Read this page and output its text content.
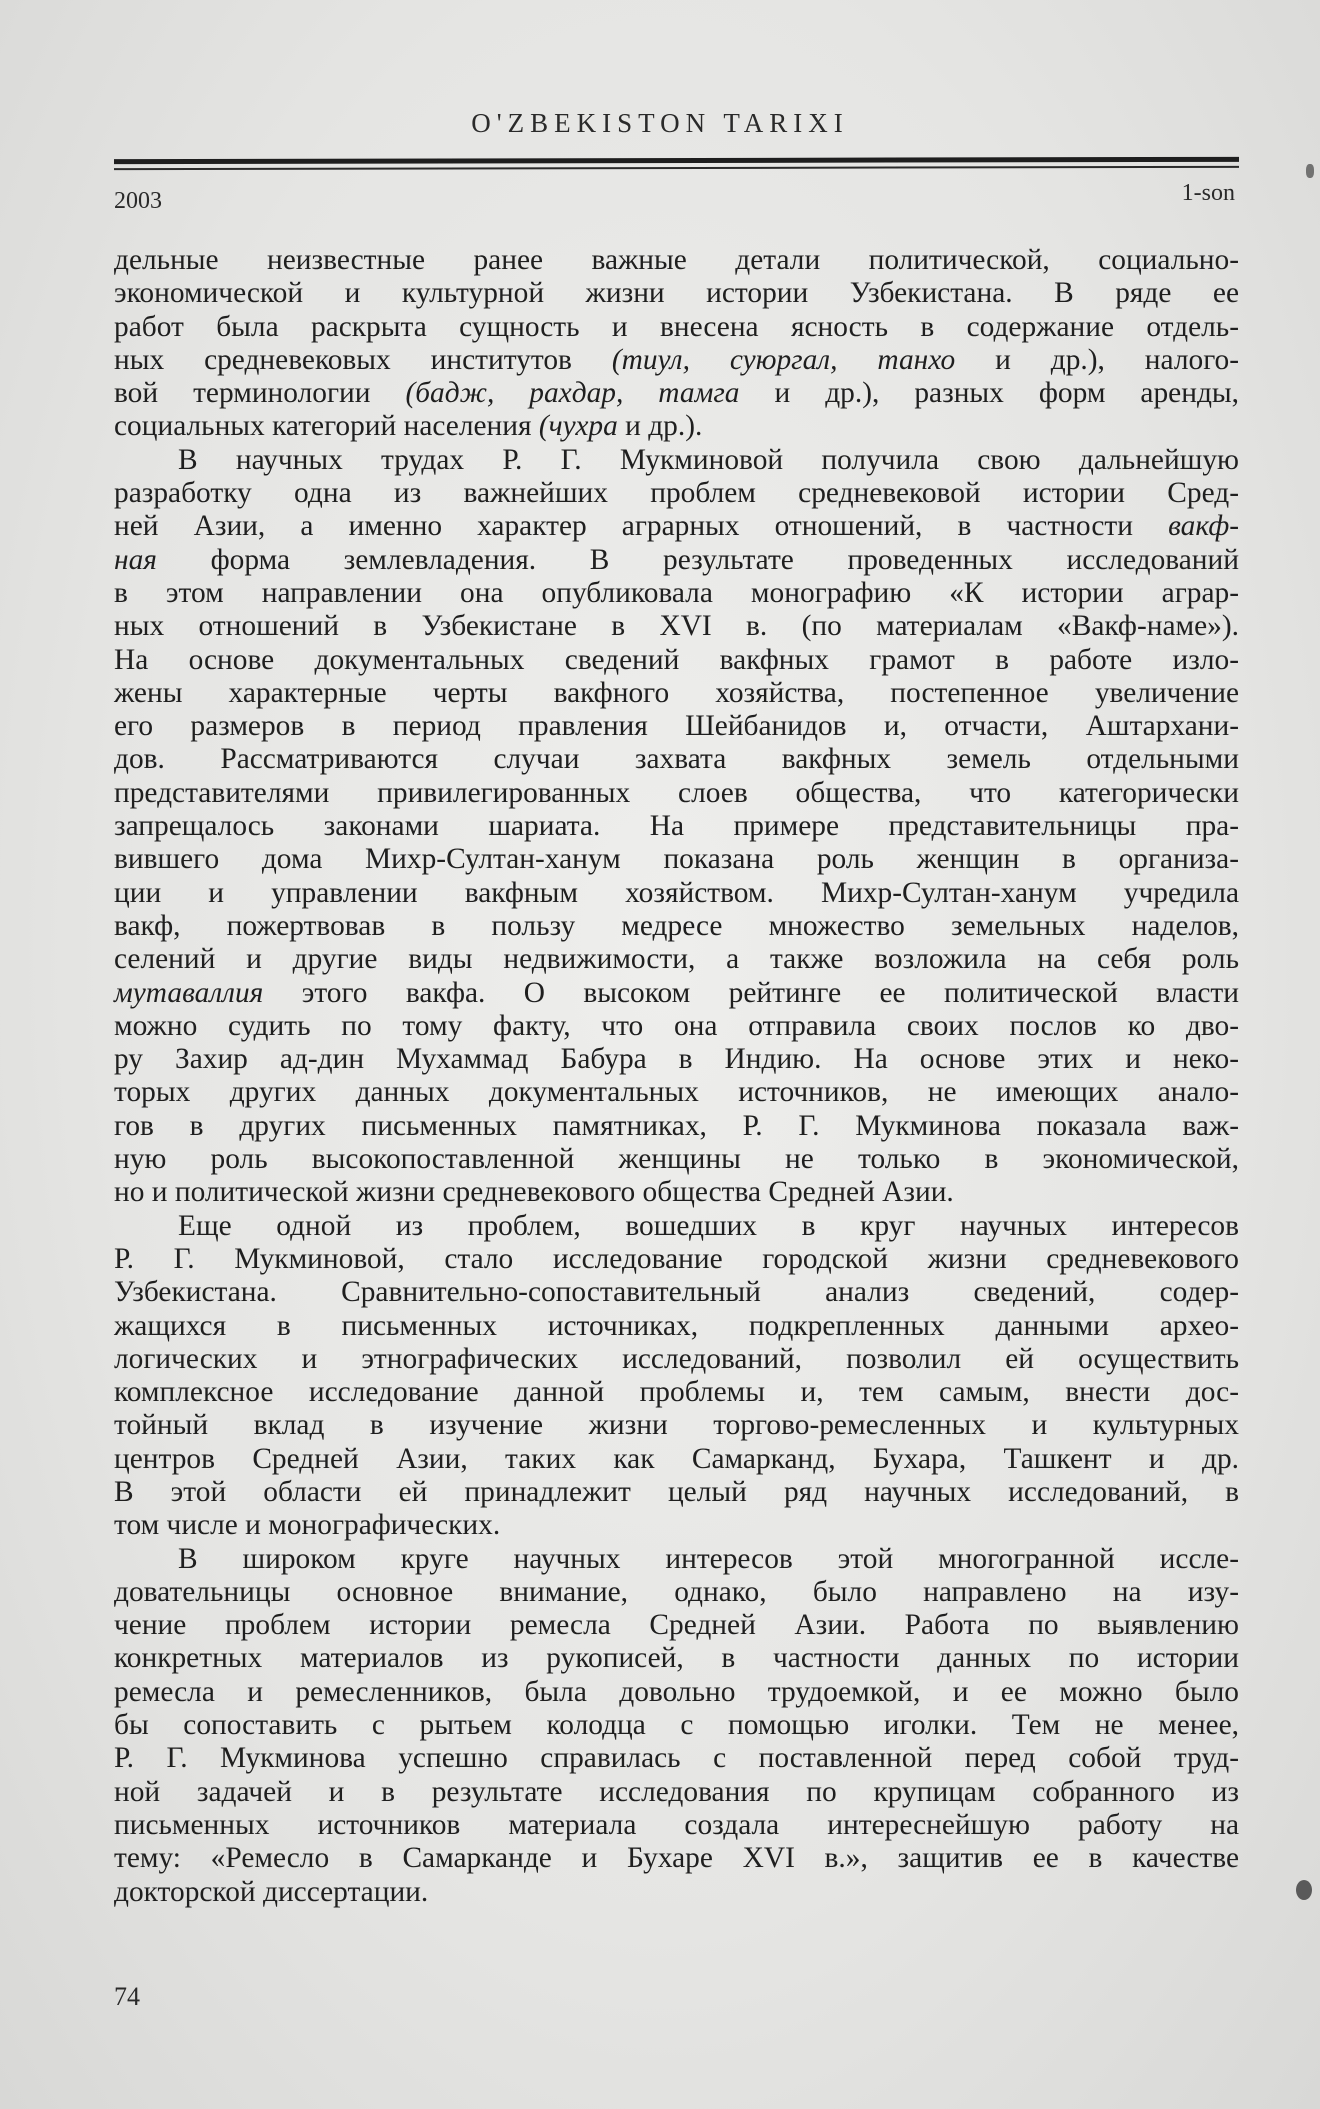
O'ZBEKISTON TARIXI
2003	1-son

дельные неизвестные ранее важные детали политической, социально-

экономической и культурной жизни истории Узбекистана. В ряде ее

работ была раскрыта сущность и внесена ясность в содержание отдель-

ных средневековых институтов (тиул, суюргал, танхо и др.), налого-

вой терминологии (бадж, рахдар, тамга и др.), разных форм аренды,

социальных категорий населения (чухра и др.).

В научных трудах Р. Г. Мукминовой получила свою дальнейшую

разработку одна из важнейших проблем средневековой истории Сред-

ней Азии, а именно характер аграрных отношений, в частности вакф-

ная форма землевладения. В результате проведенных исследований

в этом направлении она опубликовала монографию «К истории аграр-

ных отношений в Узбекистане в XVI в. (по материалам «Вакф-наме»).

На основе документальных сведений вакфных грамот в работе изло-

жены характерные черты вакфного хозяйства, постепенное увеличение

его размеров в период правления Шейбанидов и, отчасти, Аштархани-

дов. Рассматриваются случаи захвата вакфных земель отдельными

представителями привилегированных слоев общества, что категорически

запрещалось законами шариата. На примере представительницы пра-

вившего дома Михр-Султан-ханум показана роль женщин в организа-

ции и управлении вакфным хозяйством. Михр-Султан-ханум учредила

вакф, пожертвовав в пользу медресе множество земельных наделов,

селений и другие виды недвижимости, а также возложила на себя роль

мутаваллия этого вакфа. О высоком рейтинге ее политической власти

можно судить по тому факту, что она отправила своих послов ко дво-

ру Захир ад-дин Мухаммад Бабура в Индию. На основе этих и неко-

торых других данных документальных источников, не имеющих анало-

гов в других письменных памятниках, Р. Г. Мукминова показала важ-

ную роль высокопоставленной женщины не только в экономической,

но и политической жизни средневекового общества Средней Азии.

Еще одной из проблем, вошедших в круг научных интересов

Р. Г. Мукминовой, стало исследование городской жизни средневекового

Узбекистана. Сравнительно-сопоставительный анализ сведений, содер-

жащихся в письменных источниках, подкрепленных данными архео-

логических и этнографических исследований, позволил ей осуществить

комплексное исследование данной проблемы и, тем самым, внести дос-

тойный вклад в изучение жизни торгово-ремесленных и культурных

центров Средней Азии, таких как Самарканд, Бухара, Ташкент и др.

В этой области ей принадлежит целый ряд научных исследований, в

том числе и монографических.

В широком круге научных интересов этой многогранной иссле-

довательницы основное внимание, однако, было направлено на изу-

чение проблем истории ремесла Средней Азии. Работа по выявлению

конкретных материалов из рукописей, в частности данных по истории

ремесла и ремесленников, была довольно трудоемкой, и ее можно было

бы сопоставить с рытьем колодца с помощью иголки. Тем не менее,

Р. Г. Мукминова успешно справилась с поставленной перед собой труд-

ной задачей и в результате исследования по крупицам собранного из

письменных источников материала создала интереснейшую работу на

тему: «Ремесло в Самарканде и Бухаре XVI в.», защитив ее в качестве

докторской диссертации.

74
